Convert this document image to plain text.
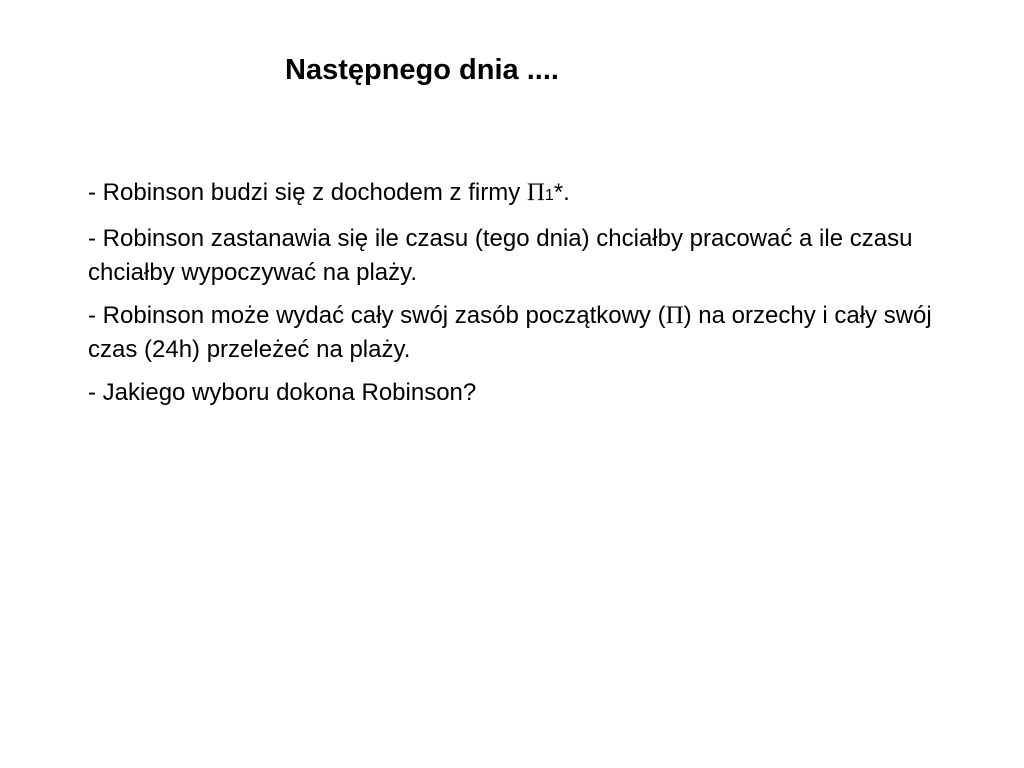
Następnego dnia ....

- Robinson budzi się z dochodem z firmy Π1*.

- Robinson zastanawia się ile czasu (tego dnia) chciałby pracować a ile czasu chciałby wypoczywać na plaży.

- Robinson może wydać cały swój zasób początkowy (Π) na orzechy i cały swój czas (24h) przeleżeć na plaży.

- Jakiego wyboru dokona Robinson?
